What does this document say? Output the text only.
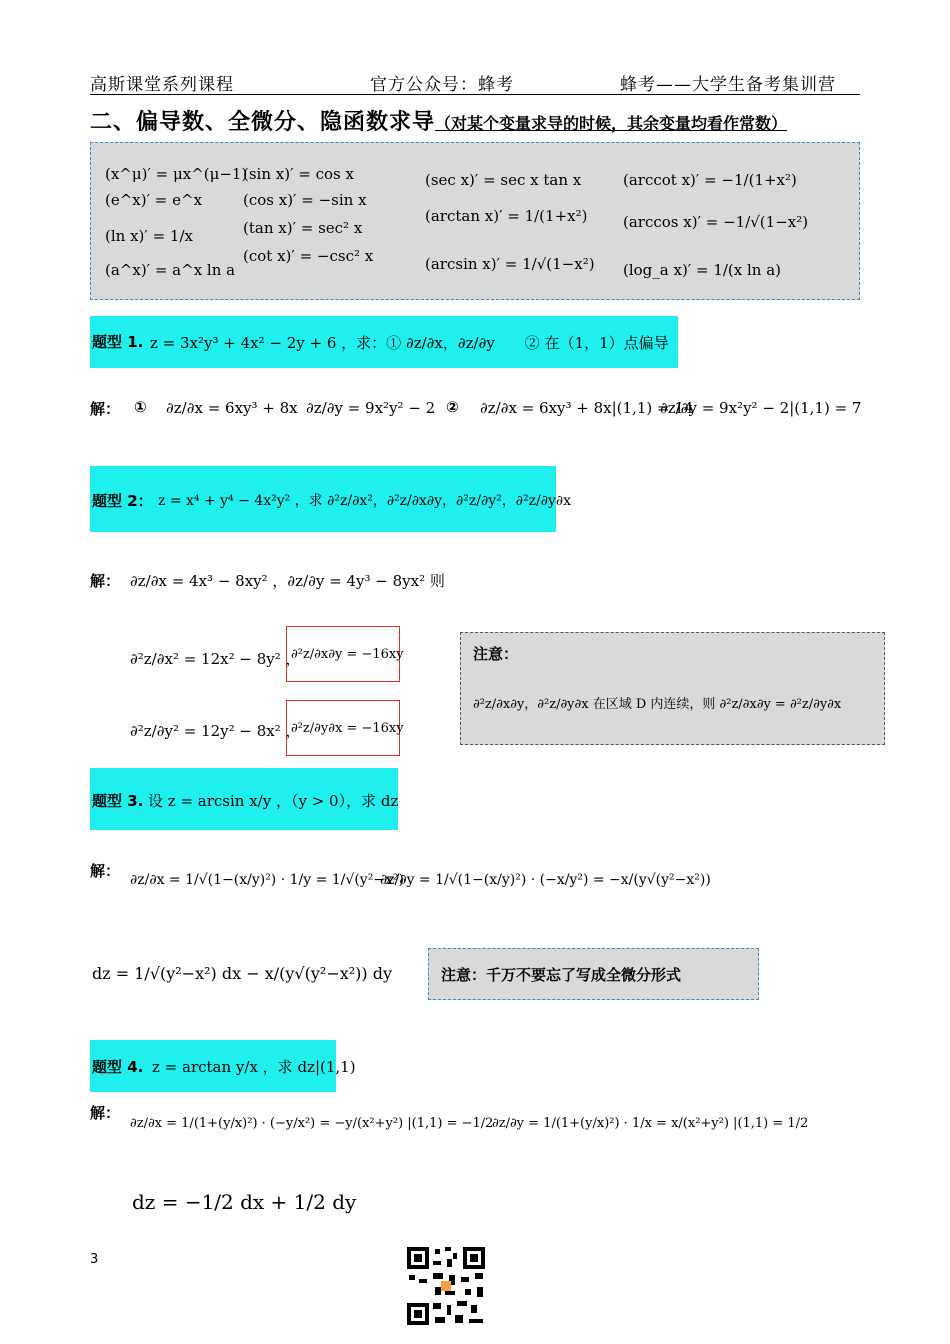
高斯课堂系列课程	官方公众号：蜂考	蜂考——大学生备考集训营
二、偏导数、全微分、隐函数求导（对某个变量求导的时候，其余变量均看作常数）
(x^μ)′ = μx^(μ−1)
(e^x)′ = e^x
(ln x)′ = 1/x
(a^x)′ = a^x ln a
(sin x)′ = cos x
(cos x)′ = −sin x
(tan x)′ = sec² x
(cot x)′ = −csc² x
(sec x)′ = sec x tan x
(arctan x)′ = 1/(1+x²)
(arcsin x)′ = 1/√(1−x²)
(arccot x)′ = −1/(1+x²)
(arccos x)′ = −1/√(1−x²)
(log_a x)′ = 1/(x ln a)
题型 1. z = 3x²y³ + 4x² − 2y + 6 ，求：① ∂z/∂x，∂z/∂y　　② 在（1，1）点偏导
解： ① ∂z/∂x = 6xy³ + 8x ∂z/∂y = 9x²y² − 2 ② ∂z/∂x = 6xy³ + 8x|(1,1) = 14
∂z/∂y = 9x²y² − 2|(1,1) = 7
题型 2： z = x⁴ + y⁴ − 4x²y² ，求 ∂²z/∂x²，∂²z/∂x∂y，∂²z/∂y²，∂²z/∂y∂x
解： ∂z/∂x = 4x³ − 8xy² ，∂z/∂y = 4y³ − 8yx² 则
∂²z/∂x² = 12x² − 8y² ，
∂²z/∂x∂y = −16xy
∂²z/∂y² = 12y² − 8x² ，
∂²z/∂y∂x = −16xy
注意：
∂²z/∂x∂y，∂²z/∂y∂x 在区域 D 内连续，则 ∂²z/∂x∂y = ∂²z/∂y∂x
题型 3. 设 z = arcsin x/y ，（y > 0），求 dz
解： ∂z/∂x = 1/√(1−(x/y)²) · 1/y = 1/√(y²−x²)
∂z/∂y = 1/√(1−(x/y)²) · (−x/y²) = −x/(y√(y²−x²))
dz = 1/√(y²−x²) dx − x/(y√(y²−x²)) dy	注意：千万不要忘了写成全微分形式
题型 4. z = arctan y/x ，求 dz|(1,1)
解：
∂z/∂x = 1/(1+(y/x)²) · (−y/x²) = −y/(x²+y²) |(1,1) = −1/2
∂z/∂y = 1/(1+(y/x)²) · 1/x = x/(x²+y²) |(1,1) = 1/2
dz = −1/2 dx + 1/2 dy
3
